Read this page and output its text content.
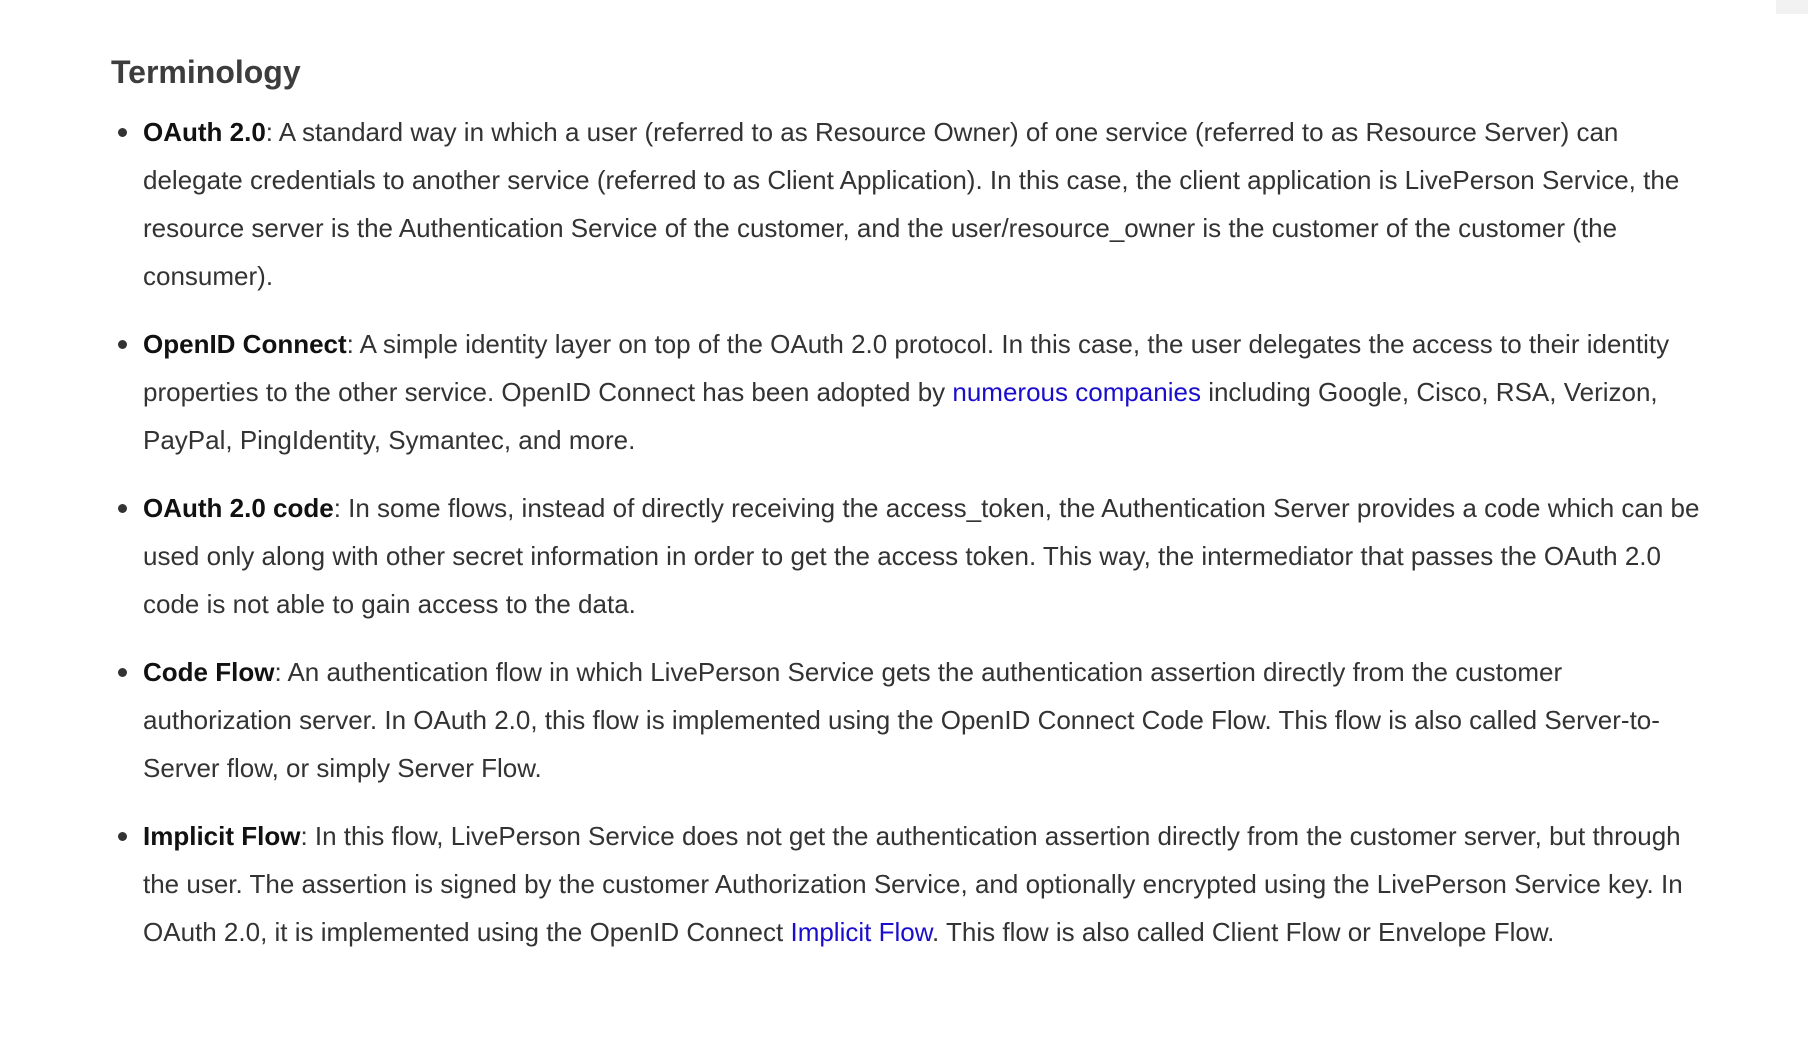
Terminology
OAuth 2.0: A standard way in which a user (referred to as Resource Owner) of one service (referred to as Resource Server) can delegate credentials to another service (referred to as Client Application). In this case, the client application is LivePerson Service, the resource server is the Authentication Service of the customer, and the user/resource_owner is the customer of the customer (the consumer).
OpenID Connect: A simple identity layer on top of the OAuth 2.0 protocol. In this case, the user delegates the access to their identity properties to the other service. OpenID Connect has been adopted by numerous companies including Google, Cisco, RSA, Verizon, PayPal, PingIdentity, Symantec, and more.
OAuth 2.0 code: In some flows, instead of directly receiving the access_token, the Authentication Server provides a code which can be used only along with other secret information in order to get the access token. This way, the intermediator that passes the OAuth 2.0 code is not able to gain access to the data.
Code Flow: An authentication flow in which LivePerson Service gets the authentication assertion directly from the customer authorization server. In OAuth 2.0, this flow is implemented using the OpenID Connect Code Flow. This flow is also called Server-to-Server flow, or simply Server Flow.
Implicit Flow: In this flow, LivePerson Service does not get the authentication assertion directly from the customer server, but through the user. The assertion is signed by the customer Authorization Service, and optionally encrypted using the LivePerson Service key. In OAuth 2.0, it is implemented using the OpenID Connect Implicit Flow. This flow is also called Client Flow or Envelope Flow.
